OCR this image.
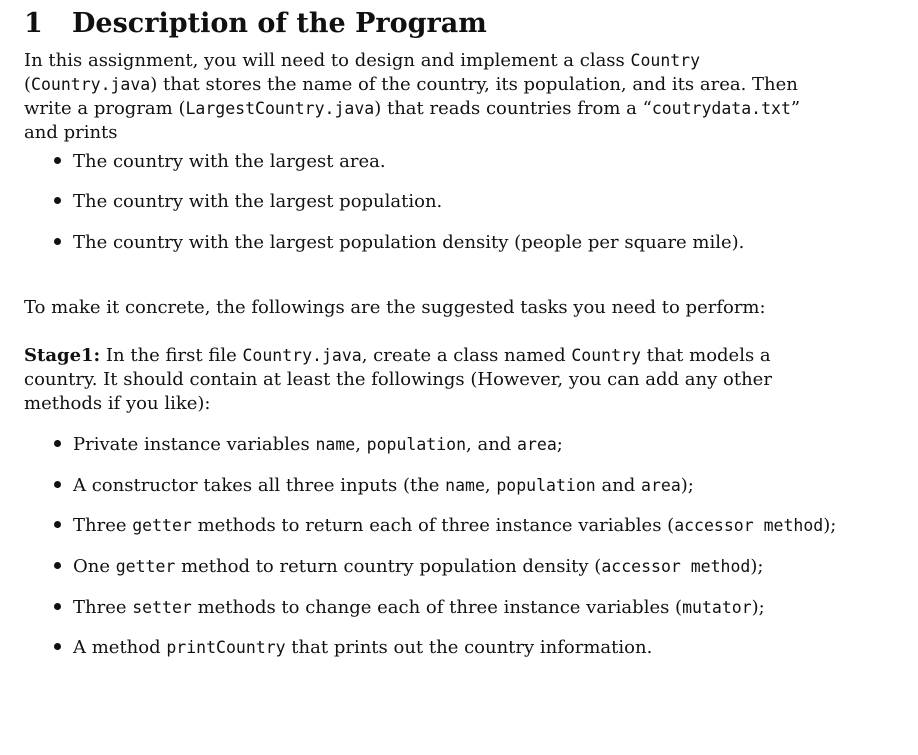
1 Description of the Program

In this assignment, you will need to design and implement a class Country (Country.java) that stores the name of the country, its population, and its area. Then write a program (LargestCountry.java) that reads countries from a “coutrydata.txt” and prints

The country with the largest area.
The country with the largest population.
The country with the largest population density (people per square mile).

To make it concrete, the followings are the suggested tasks you need to perform:

Stage1: In the first file Country.java, create a class named Country that models a country. It should contain at least the followings (However, you can add any other methods if you like):

Private instance variables name, population, and area;
A constructor takes all three inputs (the name, population and area);
Three getter methods to return each of three instance variables (accessor method);
One getter method to return country population density (accessor method);
Three setter methods to change each of three instance variables (mutator);
A method printCountry that prints out the country information.
